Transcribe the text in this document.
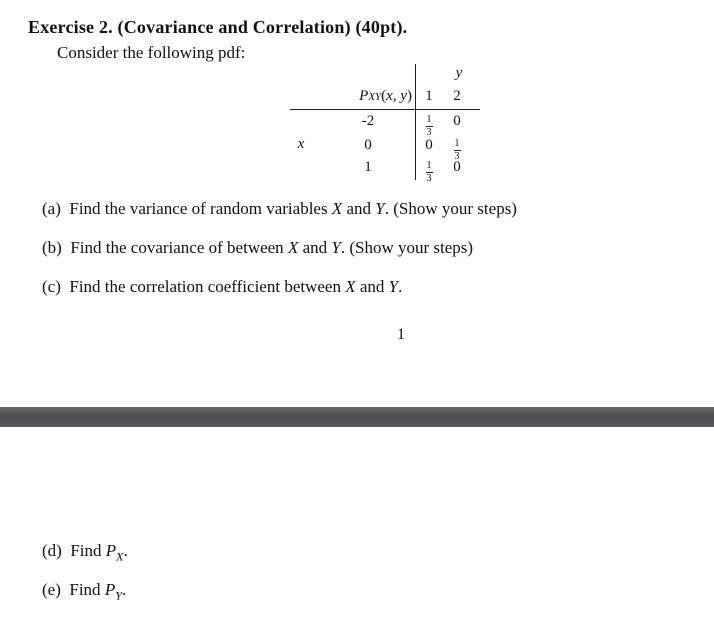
Exercise 2. (Covariance and Correlation) (40pt).
Consider the following pdf:
y
PXY(x, y) 1 2
x
-2
0
1
$\frac{1}{3} 0$
0	$\frac{1}{3}$
$\frac{1}{3} 0$
(a) Find the variance of random variables X and Y. (Show your steps)
(b) Find the covariance of between X and Y. (Show your steps)
(c) Find the correlation coefficient between X and Y.
1
(d) Find $P_X$.
(e) Find $P_Y$.
